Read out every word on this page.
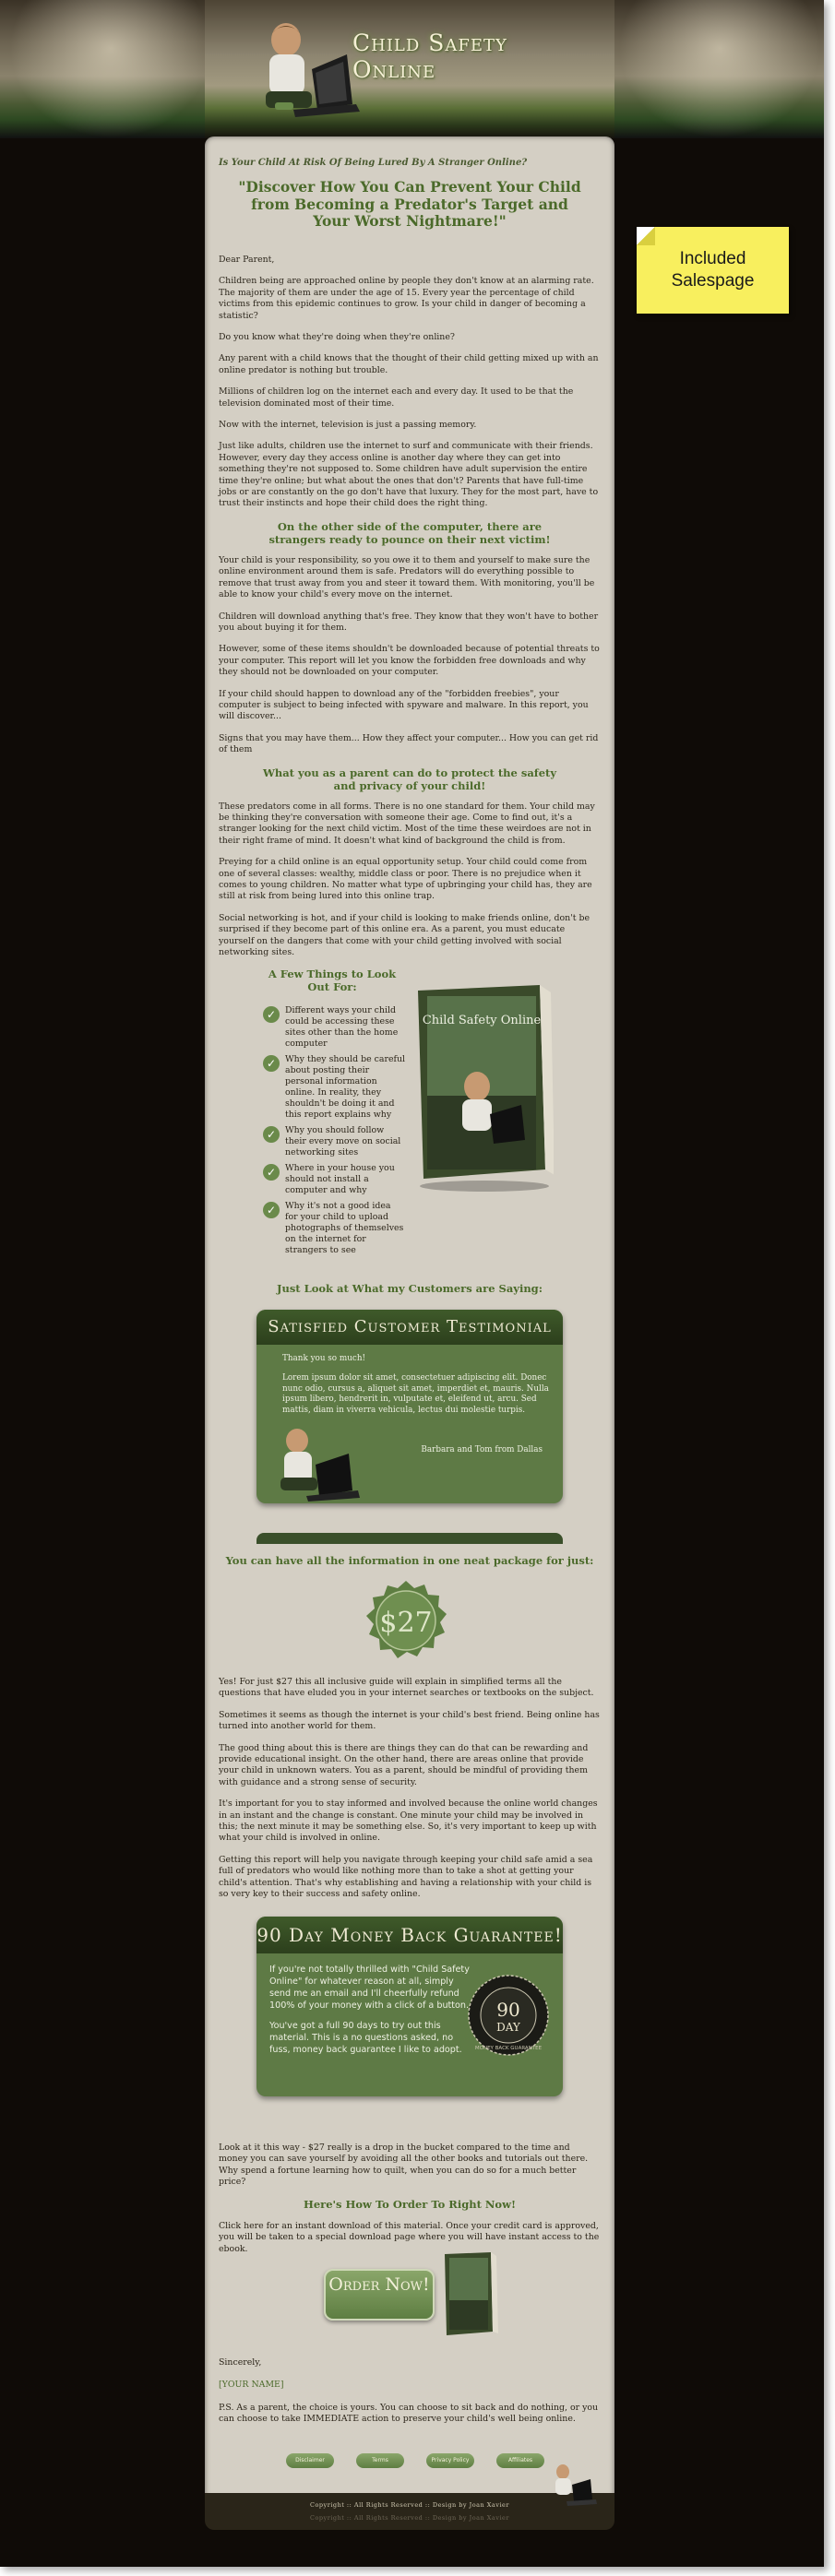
Child Safety Online

Is Your Child At Risk Of Being Lured By A Stranger Online?

"Discover How You Can Prevent Your Child from Becoming a Predator's Target and Your Worst Nightmare!"

Dear Parent,

Children being are approached online by people they don't know at an alarming rate. The majority of them are under the age of 15. Every year the percentage of child victims from this epidemic continues to grow. Is your child in danger of becoming a statistic?

Do you know what they're doing when they're online?

Any parent with a child knows that the thought of their child getting mixed up with an online predator is nothing but trouble.

Millions of children log on the internet each and every day. It used to be that the television dominated most of their time.

Now with the internet, television is just a passing memory.

Just like adults, children use the internet to surf and communicate with their friends. However, every day they access online is another day where they can get into something they're not supposed to. Some children have adult supervision the entire time they're online; but what about the ones that don't? Parents that have full-time jobs or are constantly on the go don't have that luxury. They for the most part, have to trust their instincts and hope their child does the right thing.

On the other side of the computer, there are strangers ready to pounce on their next victim!

Your child is your responsibility, so you owe it to them and yourself to make sure the online environment around them is safe. Predators will do everything possible to remove that trust away from you and steer it toward them. With monitoring, you'll be able to know your child's every move on the internet.

Children will download anything that's free. They know that they won't have to bother you about buying it for them.

However, some of these items shouldn't be downloaded because of potential threats to your computer. This report will let you know the forbidden free downloads and why they should not be downloaded on your computer.

If your child should happen to download any of the "forbidden freebies", your computer is subject to being infected with spyware and malware. In this report, you will discover...

Signs that you may have them... How they affect your computer... How you can get rid of them

What you as a parent can do to protect the safety and privacy of your child!

These predators come in all forms. There is no one standard for them. Your child may be thinking they're conversation with someone their age. Come to find out, it's a stranger looking for the next child victim. Most of the time these weirdoes are not in their right frame of mind. It doesn't what kind of background the child is from.

Preying for a child online is an equal opportunity setup. Your child could come from one of several classes: wealthy, middle class or poor. There is no prejudice when it comes to young children. No matter what type of upbringing your child has, they are still at risk from being lured into this online trap.

Social networking is hot, and if your child is looking to make friends online, don't be surprised if they become part of this online era. As a parent, you must educate yourself on the dangers that come with your child getting involved with social networking sites.

Included Salespage
A Few Things to Look Out For:
✓	Different ways your child could be accessing these sites other than the home computer
✓	Why they should be careful about posting their personal information online. In reality, they shouldn't be doing it and this report explains why
✓	Why you should follow their every move on social networking sites
✓	Where in your house you should not install a computer and why
✓	Why it's not a good idea for your child to upload photographs of themselves on the internet for strangers to see
Child Safety Online
Just Look at What my Customers are Saying:
Satisfied Customer Testimonial

Thank you so much!

Lorem ipsum dolor sit amet, consectetuer adipiscing elit. Donec nunc odio, cursus a, aliquet sit amet, imperdiet et, mauris. Nulla ipsum libero, hendrerit in, vulputate et, eleifend ut, arcu. Sed mattis, diam in viverra vehicula, lectus dui molestie turpis.

Barbara and Tom from Dallas
You can have all the information in one neat package for just:
$27

Yes! For just $27 this all inclusive guide will explain in simplified terms all the questions that have eluded you in your internet searches or textbooks on the subject.

Sometimes it seems as though the internet is your child's best friend. Being online has turned into another world for them.

The good thing about this is there are things they can do that can be rewarding and provide educational insight. On the other hand, there are areas online that provide your child in unknown waters. You as a parent, should be mindful of providing them with guidance and a strong sense of security.

It's important for you to stay informed and involved because the online world changes in an instant and the change is constant. One minute your child may be involved in this; the next minute it may be something else. So, it's very important to keep up with what your child is involved in online.

Getting this report will help you navigate through keeping your child safe amid a sea full of predators who would like nothing more than to take a shot at getting your child's attention. That's why establishing and having a relationship with your child is so very key to their success and safety online.

90 Day Money Back Guarantee!

If you're not totally thrilled with "Child Safety Online" for whatever reason at all, simply send me an email and I'll cheerfully refund 100% of your money with a click of a button.

You've got a full 90 days to try out this material. This is a no questions asked, no fuss, money back guarantee I like to adopt.

90
DAY
MONEY BACK GUARANTEE

Look at it this way - $27 really is a drop in the bucket compared to the time and money you can save yourself by avoiding all the other books and tutorials out there. Why spend a fortune learning how to quilt, when you can do so for a much better price?

Here's How To Order To Right Now!

Click here for an instant download of this material. Once your credit card is approved, you will be taken to a special download page where you will have instant access to the ebook.

Order Now!

Sincerely,

[YOUR NAME]

P.S. As a parent, the choice is yours. You can choose to sit back and do nothing, or you can choose to take IMMEDIATE action to preserve your child's well being online.

Disclaimer	Terms	Privacy Policy	Affiliates
Copyright :: All Rights Reserved :: Design by Joan Xavier
Copyright :: All Rights Reserved :: Design by Joan Xavier
